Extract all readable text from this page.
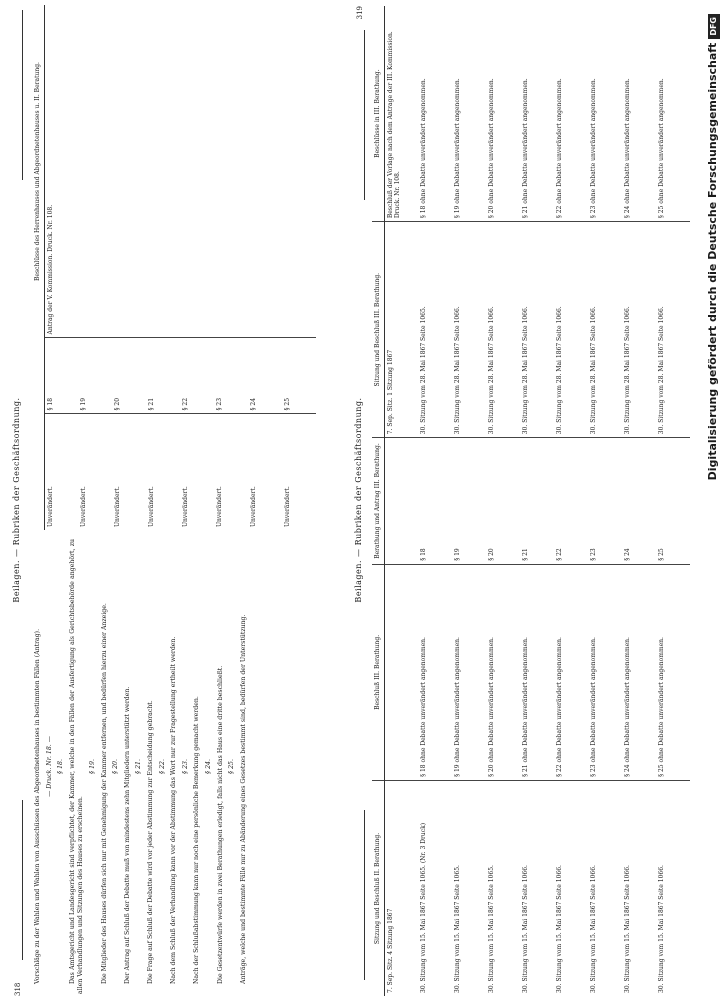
318
Beilagen. — Rubriken der Geschäftsordnung.

Vorschläge zu der Wahlen und Wahlen von Ausschüssen des Abgeordnetenhauses in bestimmten Fällen (Antrag). — Druck. Nr. 18. — § 18. Das Amtsgericht und Landesgericht sind verpflichtet, der Kammer, welche in den Fällen der Ausfertigung als Gerichtsbehörde angehört, zu allen Verhandlungen und Sitzungen des Hauses zu erscheinen.

§ 19. Die Mitglieder des Hauses dürfen sich nur mit Genehmigung der Kammer entfernen, und bedürfen hierzu einer Anzeige. § 20. Der Antrag auf Schluß der Debatte muß von mindestens zehn Mitgliedern unterstützt werden. § 21. Die Frage auf Schluß der Debatte wird vor jeder Abstimmung zur Entscheidung gebracht. § 22. Nach dem Schluß der Verhandlung kann vor der Abstimmung das Wort nur zur Fragestellung ertheilt werden. § 23. Nach der Schlußabstimmung kann nur noch eine persönliche Bemerkung gemacht werden. § 24. Die Gesetzentwürfe werden in zwei Berathungen erledigt, falls nicht das Haus eine dritte beschließt. § 25. Anträge, welche und bestimmte Fälle nur zu Abänderung eines Gesetzes bestimmt sind, bedürfen der Unterstützung.

		Beschlüsse des Herrenhauses und Abgeordnetenhauses u. II. Beratung.
Unverändert.	§ 18	Antrag der V. Kommission. Druck. Nr. 108.
Unverändert.	§ 19	
Unverändert.	§ 20	
Unverändert.	§ 21	
Unverändert.	§ 22	
Unverändert.	§ 23	
Unverändert.	§ 24	
Unverändert.	§ 25		Beilagen. — Rubriken der Geschäftsordnung.
319
Sitzung und Beschluß II. Berathung.	Beschluß III. Berathung.	Berathung und Antrag III. Berathung.	Sitzung und Beschluß III. Berathung.	Beschlüsse in III. Berathung.
7. Sep. Sitz. 4 Sitzung 1867			7. Sep. Sitz. 1 Sitzung 1867	Beschluß der Vorlage nach dem Antrage der III. Kommission. Druck. Nr. 108.
30. Sitzung vom 15. Mai 1867 Seite 1065. (Nr. 3 Druck)	§ 18 ohne Debatte unverändert angenommen.	§ 18	30. Sitzung vom 28. Mai 1867 Seite 1065.	§ 18 ohne Debatte unverändert angenommen.
30. Sitzung vom 15. Mai 1867 Seite 1065.	§ 19 ohne Debatte unverändert angenommen.	§ 19	30. Sitzung vom 28. Mai 1867 Seite 1066.	§ 19 ohne Debatte unverändert angenommen.
30. Sitzung vom 15. Mai 1867 Seite 1065.	§ 20 ohne Debatte unverändert angenommen.	§ 20	30. Sitzung vom 28. Mai 1867 Seite 1066.	§ 20 ohne Debatte unverändert angenommen.
30. Sitzung vom 15. Mai 1867 Seite 1066.	§ 21 ohne Debatte unverändert angenommen.	§ 21	30. Sitzung vom 28. Mai 1867 Seite 1066.	§ 21 ohne Debatte unverändert angenommen.
30. Sitzung vom 15. Mai 1867 Seite 1066.	§ 22 ohne Debatte unverändert angenommen.	§ 22	30. Sitzung vom 28. Mai 1867 Seite 1066.	§ 22 ohne Debatte unverändert angenommen.
30. Sitzung vom 15. Mai 1867 Seite 1066.	§ 23 ohne Debatte unverändert angenommen.	§ 23	30. Sitzung vom 28. Mai 1867 Seite 1066.	§ 23 ohne Debatte unverändert angenommen.
30. Sitzung vom 15. Mai 1867 Seite 1066.	§ 24 ohne Debatte unverändert angenommen.	§ 24	30. Sitzung vom 28. Mai 1867 Seite 1066.	§ 24 ohne Debatte unverändert angenommen.
30. Sitzung vom 15. Mai 1867 Seite 1066.	§ 25 ohne Debatte unverändert angenommen.	§ 25	30. Sitzung vom 28. Mai 1867 Seite 1066.	§ 25 ohne Debatte unverändert angenommen.	Digitalisierung gefördert durch die Deutsche ForschungsgemeinschaftDFG
